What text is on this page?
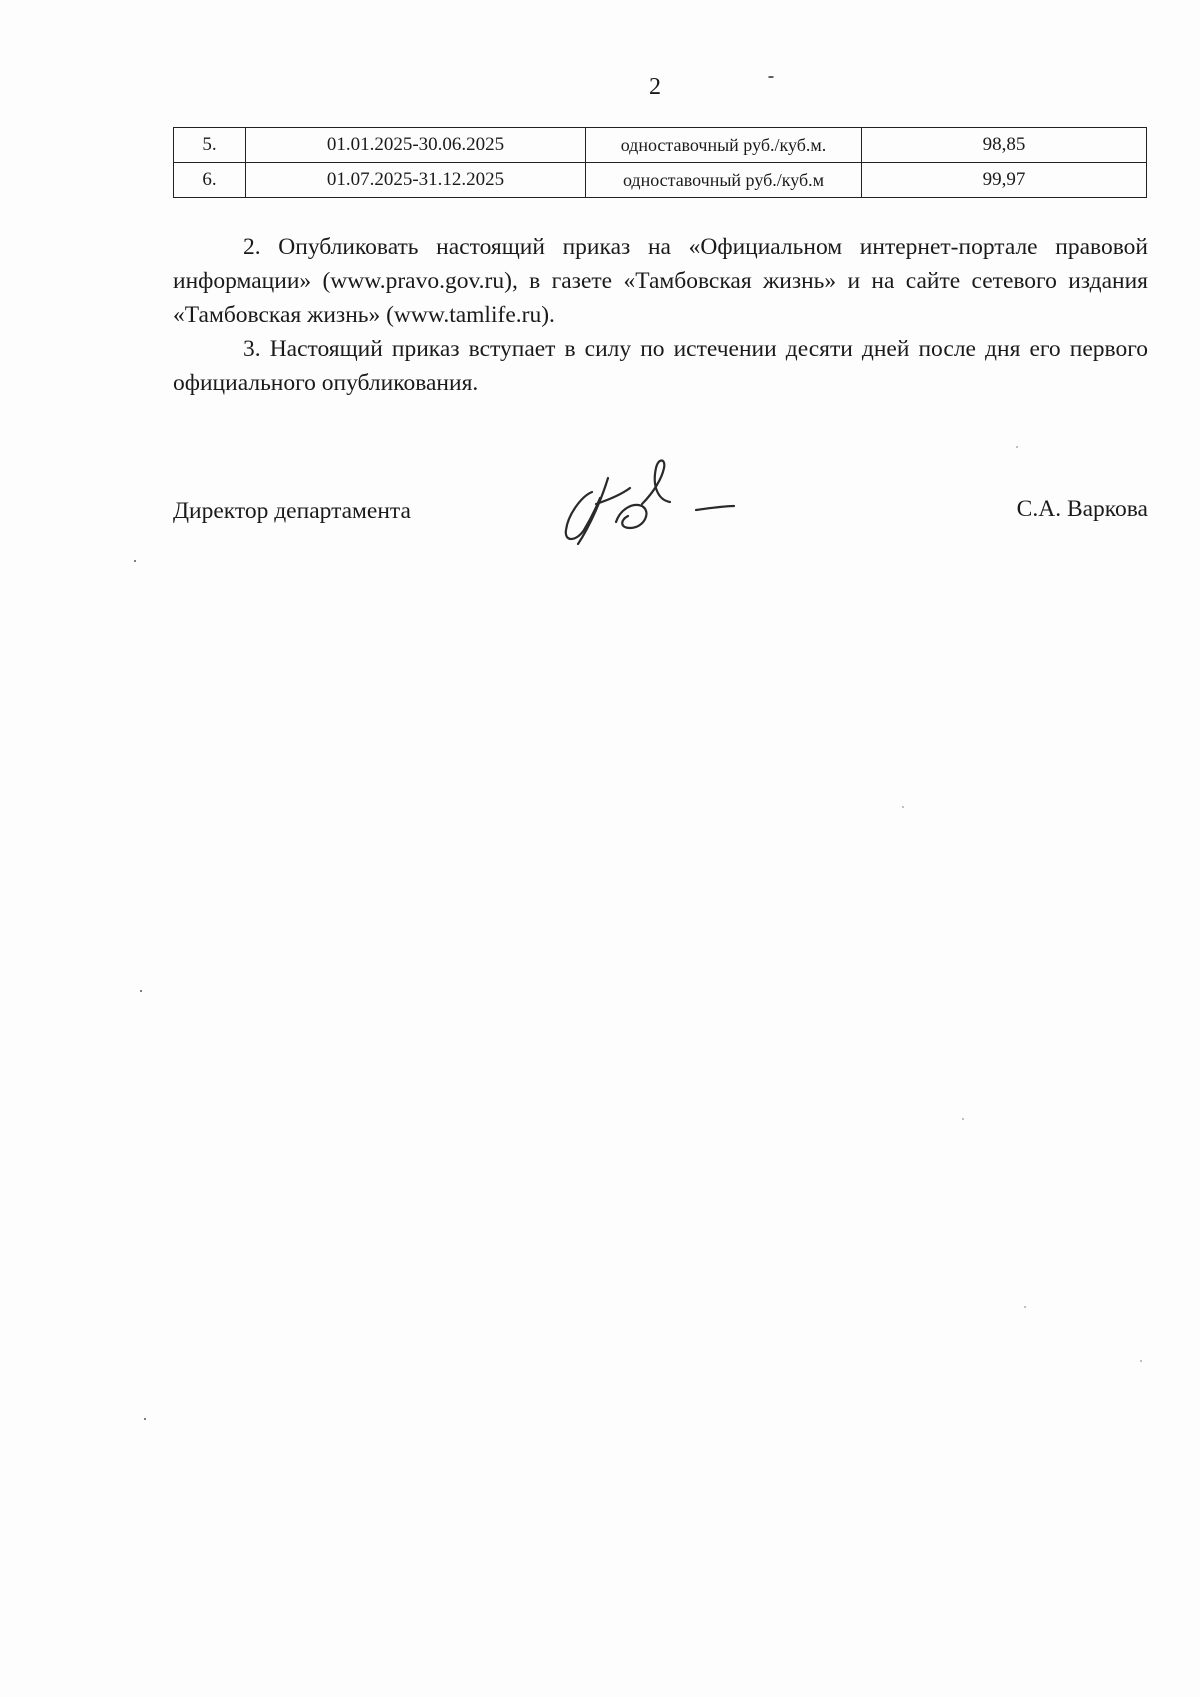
2
5.	01.01.2025-30.06.2025	одноставочный руб./куб.м.	98,85
6.	01.07.2025-31.12.2025	одноставочный руб./куб.м	99,97

2. Опубликовать настоящий приказ на «Официальном интернет-портале правовой информации» (www.pravo.gov.ru), в газете «Тамбовская жизнь» и на сайте сетевого издания «Тамбовская жизнь» (www.tamlife.ru).

3. Настоящий приказ вступает в силу по истечении десяти дней после дня его первого официального опубликования.

Директор департамента	С.А. Варкова
